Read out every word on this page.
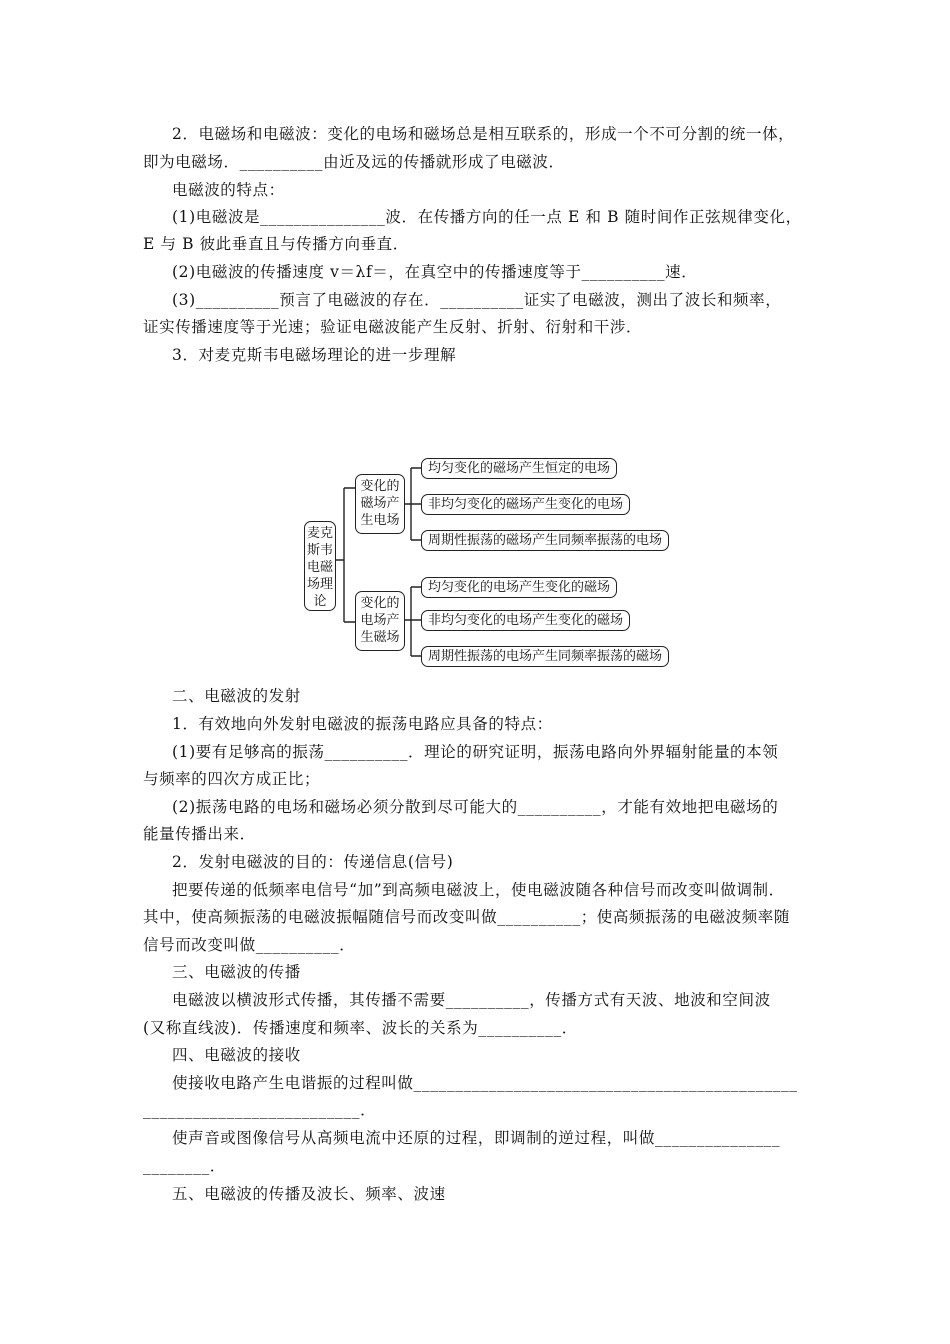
2．电磁场和电磁波：变化的电场和磁场总是相互联系的，形成一个不可分割的统一体，
即为电磁场．__________由近及远的传播就形成了电磁波．
电磁波的特点：
(1)电磁波是_______________波．在传播方向的任一点 E 和 B 随时间作正弦规律变化，
E 与 B 彼此垂直且与传播方向垂直．
(2)电磁波的传播速度 v＝λf＝，在真空中的传播速度等于__________速．
(3)__________预言了电磁波的存在．__________证实了电磁波，测出了波长和频率，
证实传播速度等于光速；验证电磁波能产生反射、折射、衍射和干涉．
3．对麦克斯韦电磁场理论的进一步理解
二、电磁波的发射
1．有效地向外发射电磁波的振荡电路应具备的特点：
(1)要有足够高的振荡__________．理论的研究证明，振荡电路向外界辐射能量的本领
与频率的四次方成正比；
(2)振荡电路的电场和磁场必须分散到尽可能大的__________，才能有效地把电磁场的
能量传播出来．
2．发射电磁波的目的：传递信息(信号)
把要传递的低频率电信号“加”到高频电磁波上，使电磁波随各种信号而改变叫做调制．
其中，使高频振荡的电磁波振幅随信号而改变叫做__________；使高频振荡的电磁波频率随
信号而改变叫做__________．
三、电磁波的传播
电磁波以横波形式传播，其传播不需要__________，传播方式有天波、地波和空间波
(又称直线波)．传播速度和频率、波长的关系为__________．
四、电磁波的接收
使接收电路产生电谐振的过程叫做______________________________________________
__________________________．
使声音或图像信号从高频电流中还原的过程，即调制的逆过程，叫做_______________
________．
五、电磁波的传播及波长、频率、波速
麦克
斯韦
电磁
场理
论
变化的
磁场产
生电场
变化的
电场产
生磁场
均匀变化的磁场产生恒定的电场
非均匀变化的磁场产生变化的电场
周期性振荡的磁场产生同频率振荡的电场
均匀变化的电场产生变化的磁场
非均匀变化的电场产生变化的磁场
周期性振荡的电场产生同频率振荡的磁场
